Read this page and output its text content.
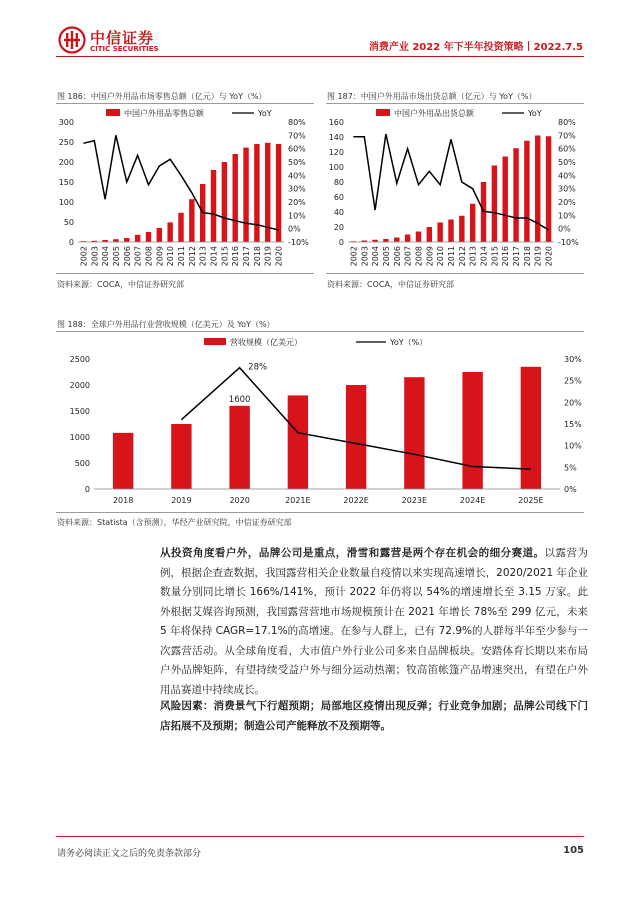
中信证券
CITIC SECURITIES	消费产业 2022 年下半年投资策略丨2022.7.5
图 186：中国户外用品市场零售总额（亿元）与 YoY（%）
中国户外用品零售总额	YoY
300
250
200
150
100
50
0
80%
70%
60%
50%
40%
30%
20%
10%
0%
-10%
2002 2003 2004 2005 2006 2007 2008 2009 2010 2011 2012 2013 2014 2015 2016 2017 2018 2019 2020
资料来源：COCA，中信证券研究部
图 187：中国户外用品市场出货总额（亿元）与 YoY（%）
中国户外用品出货总额	YoY
160
140
120
100
80
60
40
20
0
80%
70%
60%
50%
40%
30%
20%
10%
0%
-10%
2002 2003 2004 2005 2006 2007 2008 2009 2010 2011 2012 2013 2014 2015 2016 2017 2018 2019 2020
资料来源：COCA，中信证券研究部
图 188：全球户外用品行业营收规模（亿美元）及 YoY（%）
营收规模（亿美元）	YoY（%）
2500
2000
1500
1000
500
0
30%
25%
20%
15%
10%
5%
0%
2018	2019	2020	2021E	2022E	2023E	2024E	2025E
1600
28%
资料来源：Statista（含预测），华经产业研究院，中信证券研究部
从投资角度看户外，品牌公司是重点，滑雪和露营是两个存在机会的细分赛道。以露营为例，根据企查查数据，我国露营相关企业数量自疫情以来实现高速增长，2020/2021 年企业数量分别同比增长 166%/141%，预计 2022 年仍将以 54%的增速增长至 3.15 万家。此外根据艾媒咨询预测，我国露营营地市场规模预计在 2021 年增长 78%至 299 亿元，未来 5 年将保持 CAGR=17.1%的高增速。在参与人群上，已有 72.9%的人群每半年至少参与一次露营活动。从全球角度看，大市值户外行业公司多来自品牌板块。安踏体育长期以来布局户外品牌矩阵，有望持续受益户外与细分运动热潮；牧高笛帐篷产品增速突出，有望在户外用品赛道中持续成长。
风险因素：消费景气下行超预期；局部地区疫情出现反弹；行业竞争加剧；品牌公司线下门店拓展不及预期；制造公司产能释放不及预期等。
请务必阅读正文之后的免责条款部分	105
